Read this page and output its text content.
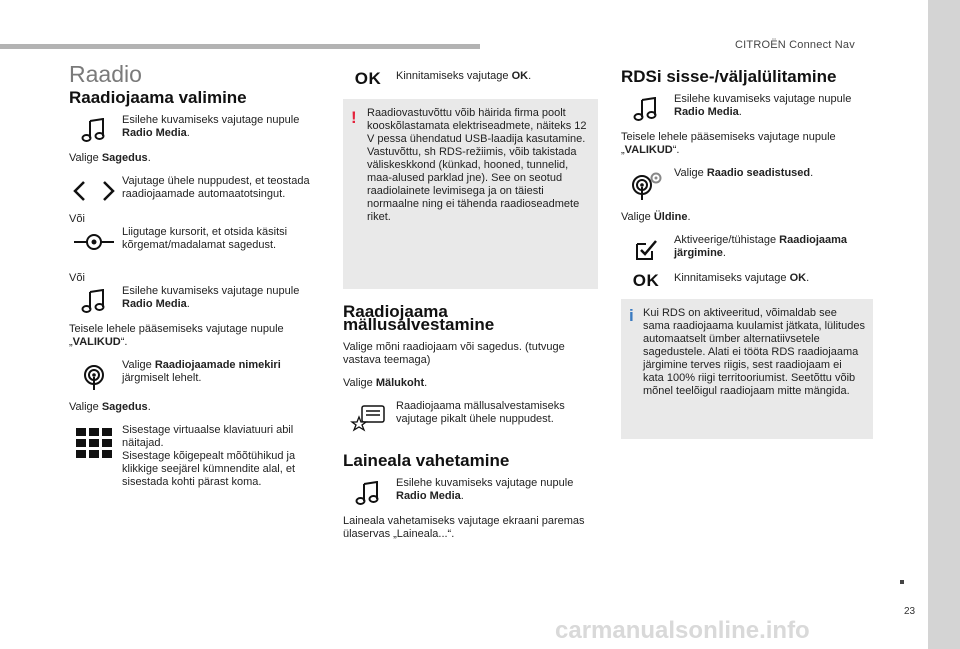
CITROËN Connect Nav
23
carmanualsonline.info
Raadio
Raadiojaama valimine
Esilehe kuvamiseks vajutage nupule Radio Media.

Valige Sagedus.

Vajutage ühele nuppudest, et teostada raadiojaamade automaatotsingut.

Või

Liigutage kursorit, et otsida käsitsi kõrgemat/madalamat sagedust.

Või

Esilehe kuvamiseks vajutage nupule Radio Media.

Teisele lehele pääsemiseks vajutage nupule „VALIKUD“.

Valige Raadiojaamade nimekiri järgmiselt lehelt.

Valige Sagedus.

Sisestage virtuaalse klaviatuuri abil näitajad.
Sisestage kõigepealt mõõtühikud ja klikkige seejärel kümnendite alal, et sisestada kohti pärast koma.
OK Kinnitamiseks vajutage OK.
! Raadiovastuvõttu võib häirida firma poolt kooskõlastamata elektriseadmete, näiteks 12 V pessa ühendatud USB-laadija kasutamine.
Vastuvõttu, sh RDS-režiimis, võib takistada väliskeskkond (künkad, hooned, tunnelid, maa-alused parklad jne). See on seotud raadiolainete levimisega ja on täiesti normaalne ning ei tähenda raadioseadmete riket.
Raadiojaama mällusalvestamine

Valige mõni raadiojaam või sagedus. (tutvuge vastava teemaga)

Valige Mälukoht.

Raadiojaama mällusalvestamiseks vajutage pikalt ühele nuppudest.
Laineala vahetamine
Esilehe kuvamiseks vajutage nupule Radio Media.

Laineala vahetamiseks vajutage ekraani paremas ülaservas „Laineala...“.

RDSi sisse-/väljalülitamine
Esilehe kuvamiseks vajutage nupule Radio Media.

Teisele lehele pääsemiseks vajutage nupule „VALIKUD“.

Valige Raadio seadistused.

Valige Üldine.

Aktiveerige/tühistage Raadiojaama järgimine.
OK Kinnitamiseks vajutage OK.
i Kui RDS on aktiveeritud, võimaldab see sama raadiojaama kuulamist jätkata, lülitudes automaatselt ümber alternatiivsetele sagedustele. Alati ei tööta RDS raadiojaama järgimine terves riigis, sest raadiojaam ei kata 100% riigi territooriumist. Seetõttu võib mõnel teelõigul raadiojaam mitte mängida.
